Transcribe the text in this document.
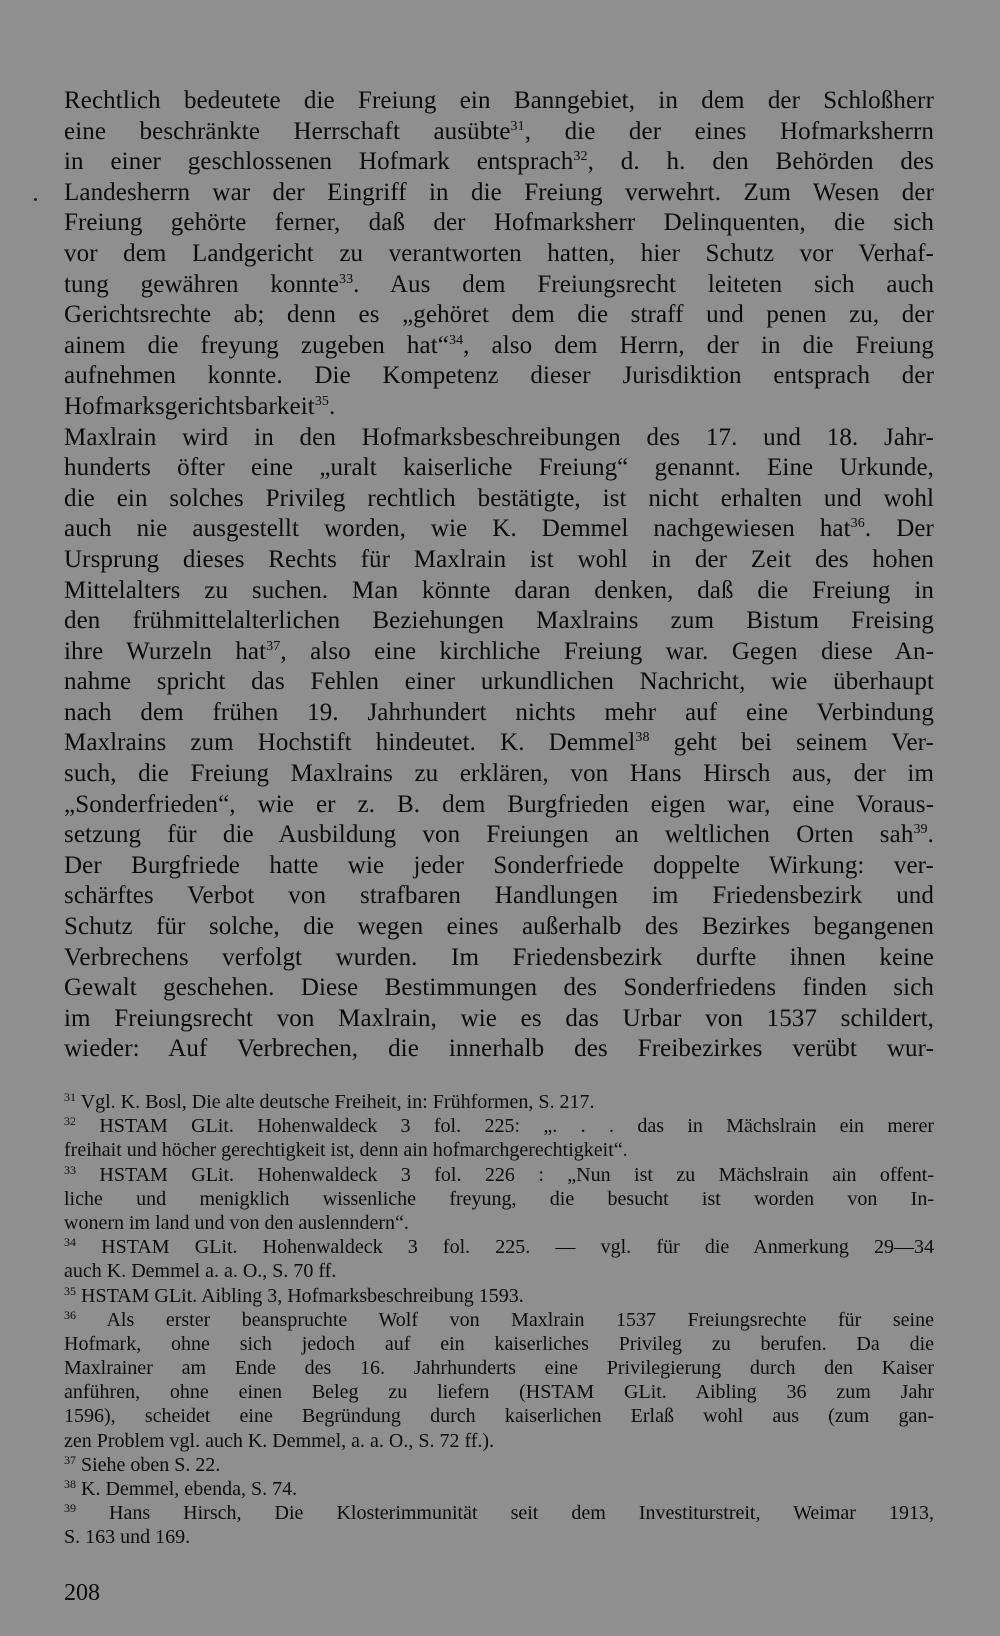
Rechtlich bedeutete die Freiung ein Banngebiet, in dem der Schloßherr
eine beschränkte Herrschaft ausübte$^{31}$, die der eines Hofmarksherrn
in einer geschlossenen Hofmark entsprach$^{32}$, d. h. den Behörden des
Landesherrn war der Eingriff in die Freiung verwehrt. Zum Wesen der
Freiung gehörte ferner, daß der Hofmarksherr Delinquenten, die sich
vor dem Landgericht zu verantworten hatten, hier Schutz vor Verhaf-
tung gewähren konnte$^{33}$. Aus dem Freiungsrecht leiteten sich auch
Gerichtsrechte ab; denn es „gehöret dem die straff und penen zu, der
ainem die freyung zugeben hat“$^{34}$, also dem Herrn, der in die Freiung
aufnehmen konnte. Die Kompetenz dieser Jurisdiktion entsprach der
Hofmarksgerichtsbarkeit$^{35}$.
Maxlrain wird in den Hofmarksbeschreibungen des 17. und 18. Jahr-
hunderts öfter eine „uralt kaiserliche Freiung“ genannt. Eine Urkunde,
die ein solches Privileg rechtlich bestätigte, ist nicht erhalten und wohl
auch nie ausgestellt worden, wie K. Demmel nachgewiesen hat$^{36}$. Der
Ursprung dieses Rechts für Maxlrain ist wohl in der Zeit des hohen
Mittelalters zu suchen. Man könnte daran denken, daß die Freiung in
den frühmittelalterlichen Beziehungen Maxlrains zum Bistum Freising
ihre Wurzeln hat$^{37}$, also eine kirchliche Freiung war. Gegen diese An-
nahme spricht das Fehlen einer urkundlichen Nachricht, wie überhaupt
nach dem frühen 19. Jahrhundert nichts mehr auf eine Verbindung
Maxlrains zum Hochstift hindeutet. K. Demmel$^{38}$ geht bei seinem Ver-
such, die Freiung Maxlrains zu erklären, von Hans Hirsch aus, der im
„Sonderfrieden“, wie er z. B. dem Burgfrieden eigen war, eine Voraus-
setzung für die Ausbildung von Freiungen an weltlichen Orten sah$^{39}$.
Der Burgfriede hatte wie jeder Sonderfriede doppelte Wirkung: ver-
schärftes Verbot von strafbaren Handlungen im Friedensbezirk und
Schutz für solche, die wegen eines außerhalb des Bezirkes begangenen
Verbrechens verfolgt wurden. Im Friedensbezirk durfte ihnen keine
Gewalt geschehen. Diese Bestimmungen des Sonderfriedens finden sich
im Freiungsrecht von Maxlrain, wie es das Urbar von 1537 schildert,
wieder: Auf Verbrechen, die innerhalb des Freibezirkes verübt wur-
$^{31}$ Vgl. K. Bosl, Die alte deutsche Freiheit, in: Frühformen, S. 217.
$^{32}$ HSTAM GLit. Hohenwaldeck 3 fol. 225: „. . . das in Mächslrain ein merer
freihait und höcher gerechtigkeit ist, denn ain hofmarchgerechtigkeit“.
$^{33}$ HSTAM GLit. Hohenwaldeck 3 fol. 226 : „Nun ist zu Mächslrain ain offent-
liche und menigklich wissenliche freyung, die besucht ist worden von In-
wonern im land und von den auslenndern“.
$^{34}$ HSTAM GLit. Hohenwaldeck 3 fol. 225. — vgl. für die Anmerkung 29—34
auch K. Demmel a. a. O., S. 70 ff.
$^{35}$ HSTAM GLit. Aibling 3, Hofmarksbeschreibung 1593.
$^{36}$ Als erster beanspruchte Wolf von Maxlrain 1537 Freiungsrechte für seine
Hofmark, ohne sich jedoch auf ein kaiserliches Privileg zu berufen. Da die
Maxlrainer am Ende des 16. Jahrhunderts eine Privilegierung durch den Kaiser
anführen, ohne einen Beleg zu liefern (HSTAM GLit. Aibling 36 zum Jahr
1596), scheidet eine Begründung durch kaiserlichen Erlaß wohl aus (zum gan-
zen Problem vgl. auch K. Demmel, a. a. O., S. 72 ff.).
$^{37}$ Siehe oben S. 22.
$^{38}$ K. Demmel, ebenda, S. 74.
$^{39}$ Hans Hirsch, Die Klosterimmunität seit dem Investiturstreit, Weimar 1913,
S. 163 und 169.
208
